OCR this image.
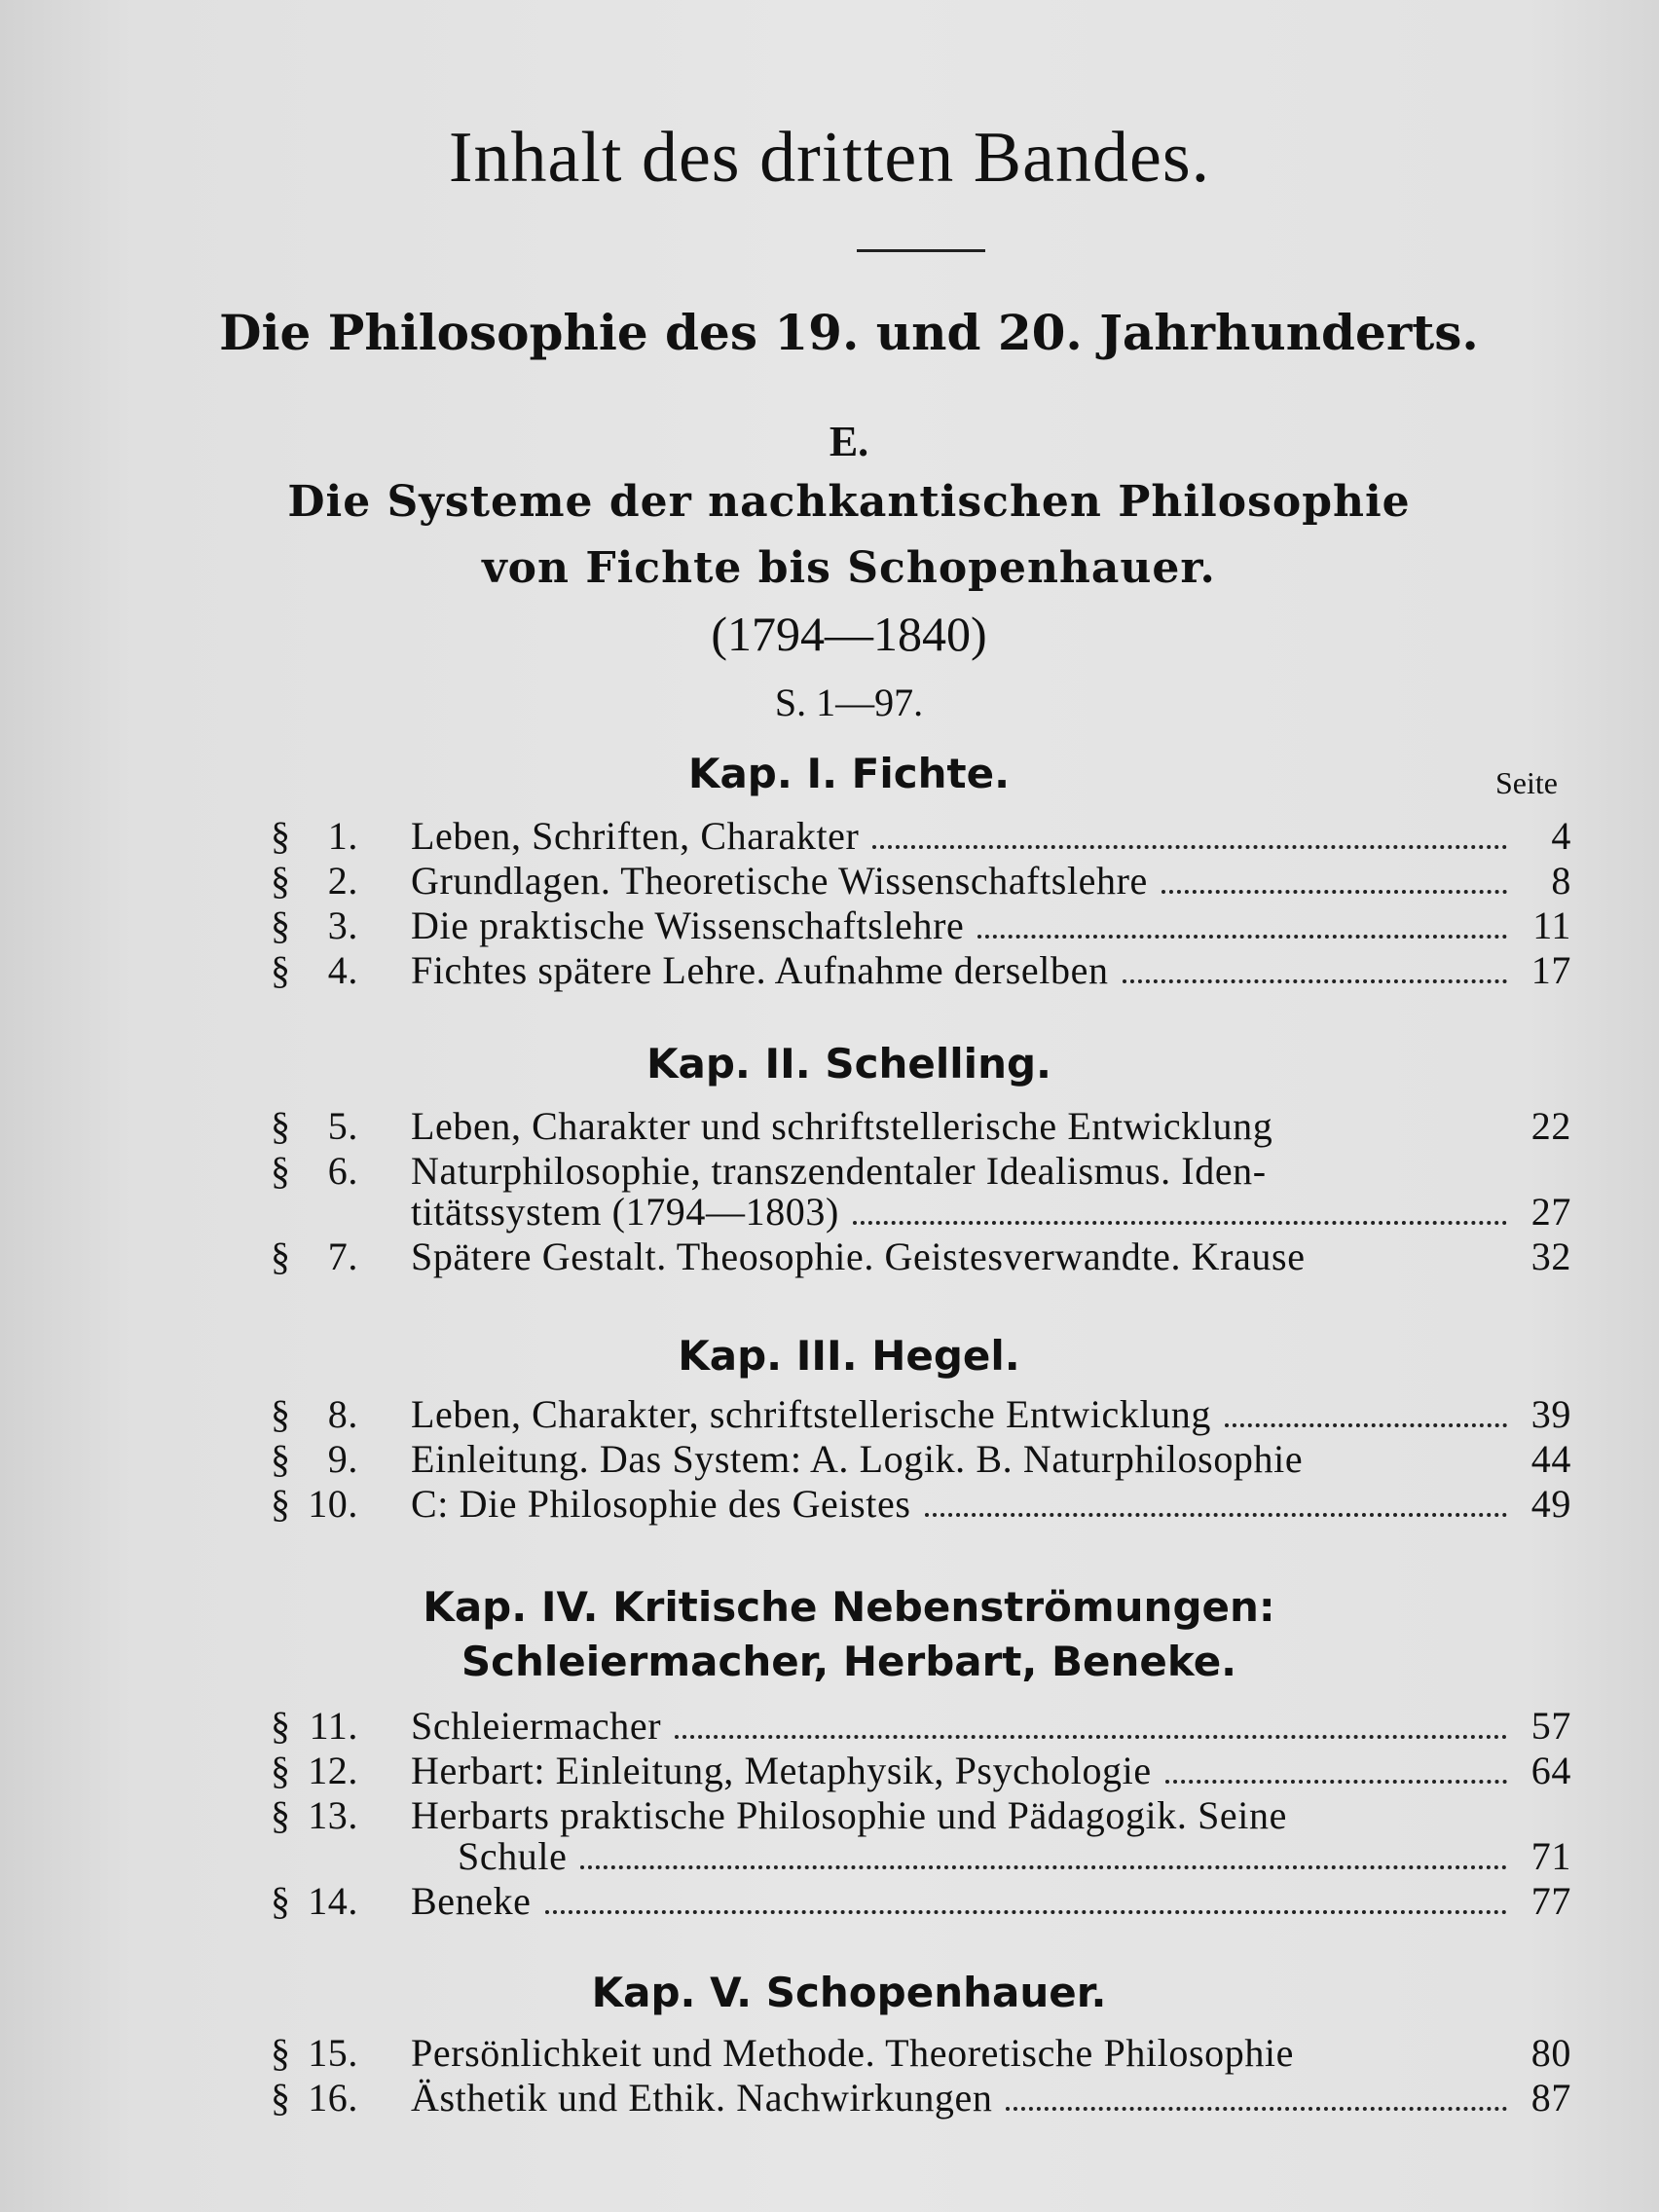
Inhalt des dritten Bandes.
Die Philosophie des 19. und 20. Jahrhunderts.
E.
Die Systeme der nachkantischen Philosophie
von Fichte bis Schopenhauer.
(1794—1840)
S. 1—97.
Seite
Kap. I. Fichte.
§ 1. Leben, Schriften, Charakter	4
§ 2. Grundlagen. Theoretische Wissenschaftslehre	8
§ 3. Die praktische Wissenschaftslehre	11
§ 4. Fichtes spätere Lehre. Aufnahme derselben	17
Kap. II. Schelling.
§ 5. Leben, Charakter und schriftstellerische Entwicklung	22
§ 6. Naturphilosophie, transzendentaler Idealismus. Iden-
titätssystem (1794—1803)	27
§ 7. Spätere Gestalt. Theosophie. Geistesverwandte. Krause	32
Kap. III. Hegel.
§ 8. Leben, Charakter, schriftstellerische Entwicklung	39
§ 9. Einleitung. Das System: A. Logik. B. Naturphilosophie	44
§ 10. C: Die Philosophie des Geistes	49
Kap. IV. Kritische Nebenströmungen:
Schleiermacher, Herbart, Beneke.
§ 11. Schleiermacher	57
§ 12. Herbart: Einleitung, Metaphysik, Psychologie	64
§ 13. Herbarts praktische Philosophie und Pädagogik. Seine
Schule	71
§ 14. Beneke	77
Kap. V. Schopenhauer.
§ 15. Persönlichkeit und Methode. Theoretische Philosophie	80
§ 16. Ästhetik und Ethik. Nachwirkungen	87
